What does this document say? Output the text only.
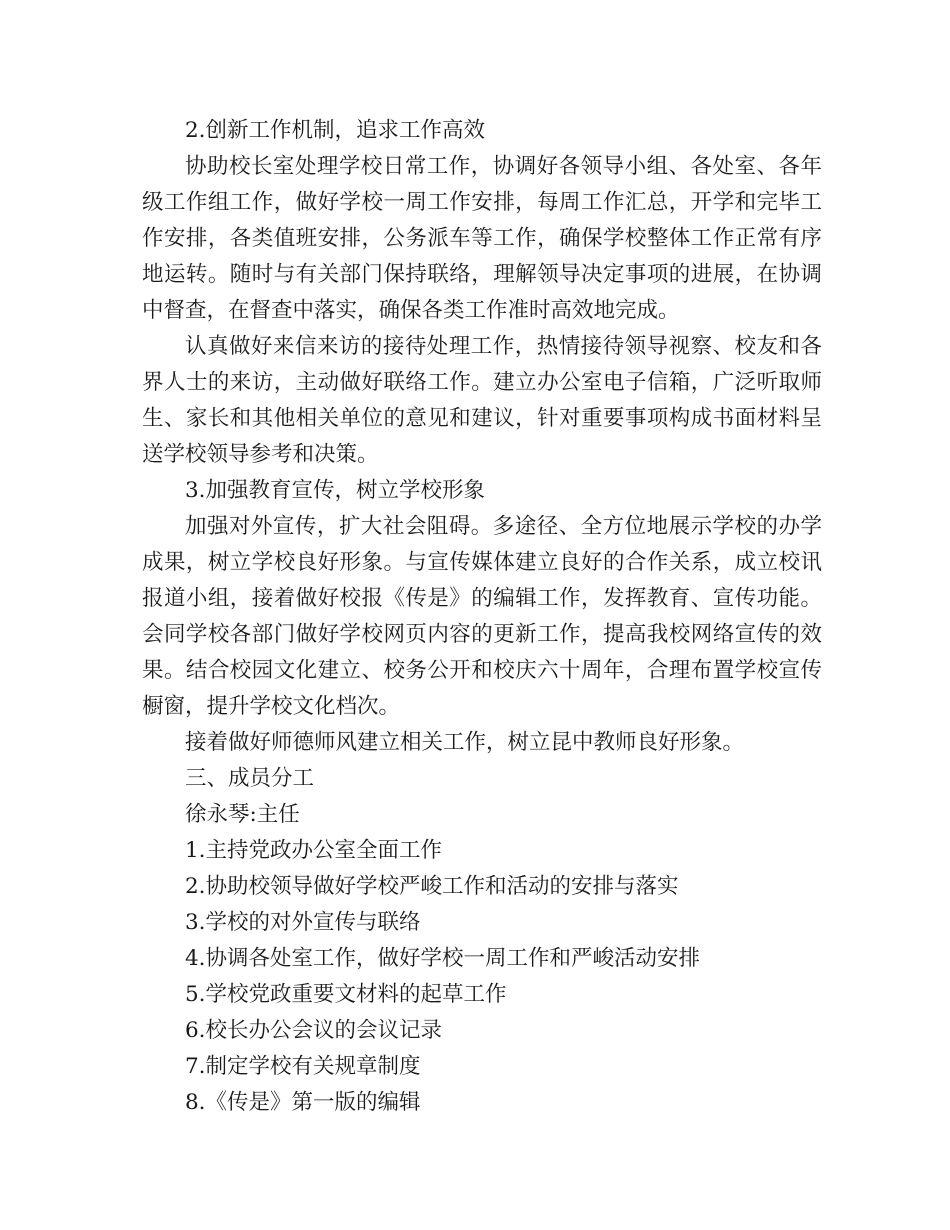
2.创新工作机制，追求工作高效

协助校长室处理学校日常工作，协调好各领导小组、各处室、各年级工作组工作，做好学校一周工作安排，每周工作汇总，开学和完毕工作安排，各类值班安排，公务派车等工作，确保学校整体工作正常有序地运转。随时与有关部门保持联络，理解领导决定事项的进展，在协调中督查，在督查中落实，确保各类工作准时高效地完成。

认真做好来信来访的接待处理工作，热情接待领导视察、校友和各界人士的来访，主动做好联络工作。建立办公室电子信箱，广泛听取师生、家长和其他相关单位的意见和建议，针对重要事项构成书面材料呈送学校领导参考和决策。

3.加强教育宣传，树立学校形象

加强对外宣传，扩大社会阻碍。多途径、全方位地展示学校的办学成果，树立学校良好形象。与宣传媒体建立良好的合作关系，成立校讯报道小组，接着做好校报《传是》的编辑工作，发挥教育、宣传功能。会同学校各部门做好学校网页内容的更新工作，提高我校网络宣传的效果。结合校园文化建立、校务公开和校庆六十周年，合理布置学校宣传橱窗，提升学校文化档次。

接着做好师德师风建立相关工作，树立昆中教师良好形象。

三、成员分工

徐永琴:主任

1.主持党政办公室全面工作

2.协助校领导做好学校严峻工作和活动的安排与落实

3.学校的对外宣传与联络

4.协调各处室工作，做好学校一周工作和严峻活动安排

5.学校党政重要文材料的起草工作

6.校长办公会议的会议记录

7.制定学校有关规章制度

8.《传是》第一版的编辑
